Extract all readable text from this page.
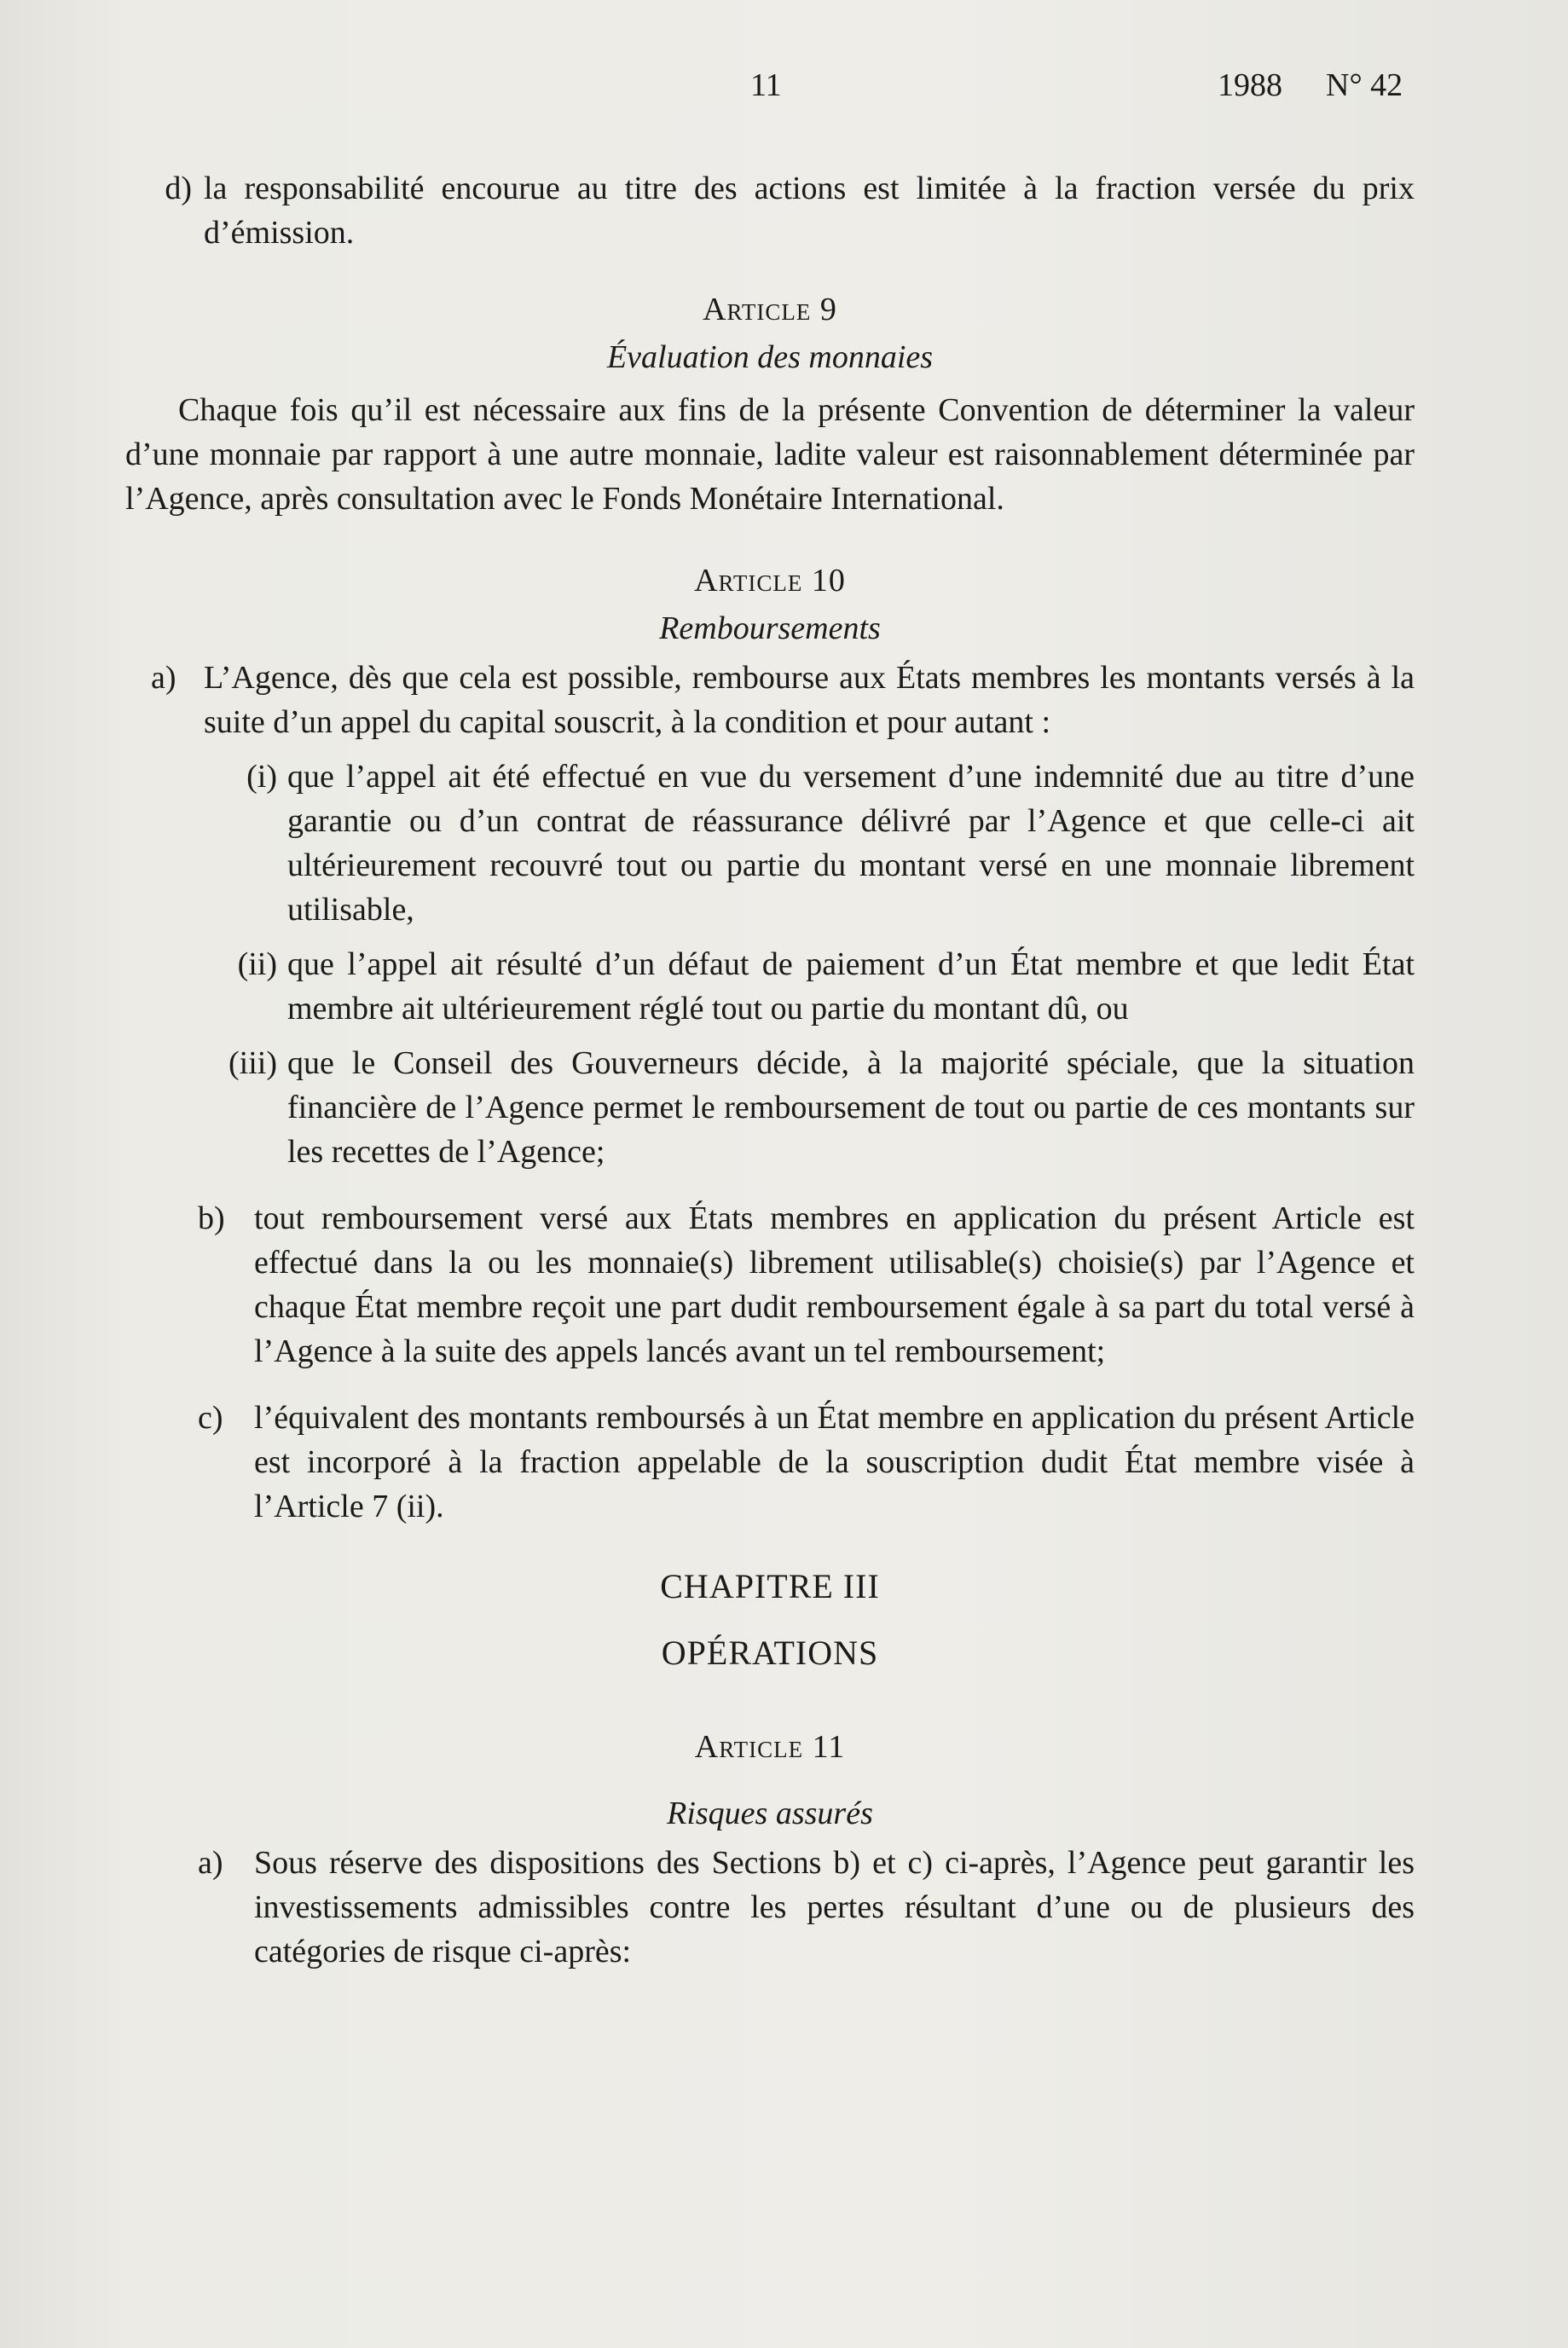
11	1988 N° 42
d) la responsabilité encourue au titre des actions est limitée à la fraction versée du prix d’émission.
Article 9
Évaluation des monnaies
Chaque fois qu’il est nécessaire aux fins de la présente Convention de déterminer la valeur d’une monnaie par rapport à une autre monnaie, ladite valeur est raisonnablement déterminée par l’Agence, après consultation avec le Fonds Monétaire International.
Article 10
Remboursements
a) L’Agence, dès que cela est possible, rembourse aux États membres les montants versés à la suite d’un appel du capital souscrit, à la condition et pour autant :
(i) que l’appel ait été effectué en vue du versement d’une indemnité due au titre d’une garantie ou d’un contrat de réassurance délivré par l’Agence et que celle-ci ait ultérieurement recouvré tout ou partie du montant versé en une monnaie librement utilisable,
(ii) que l’appel ait résulté d’un défaut de paiement d’un État membre et que ledit État membre ait ultérieurement réglé tout ou partie du montant dû, ou
(iii) que le Conseil des Gouverneurs décide, à la majorité spéciale, que la situation financière de l’Agence permet le remboursement de tout ou partie de ces montants sur les recettes de l’Agence;
b) tout remboursement versé aux États membres en application du présent Article est effectué dans la ou les monnaie(s) librement utilisable(s) choisie(s) par l’Agence et chaque État membre reçoit une part dudit remboursement égale à sa part du total versé à l’Agence à la suite des appels lancés avant un tel remboursement;
c) l’équivalent des montants remboursés à un État membre en application du présent Article est incorporé à la fraction appelable de la souscription dudit État membre visée à l’Article 7 (ii).
CHAPITRE III
OPÉRATIONS
Article 11
Risques assurés
a) Sous réserve des dispositions des Sections b) et c) ci-après, l’Agence peut garantir les investissements admissibles contre les pertes résultant d’une ou de plusieurs des catégories de risque ci-après:
